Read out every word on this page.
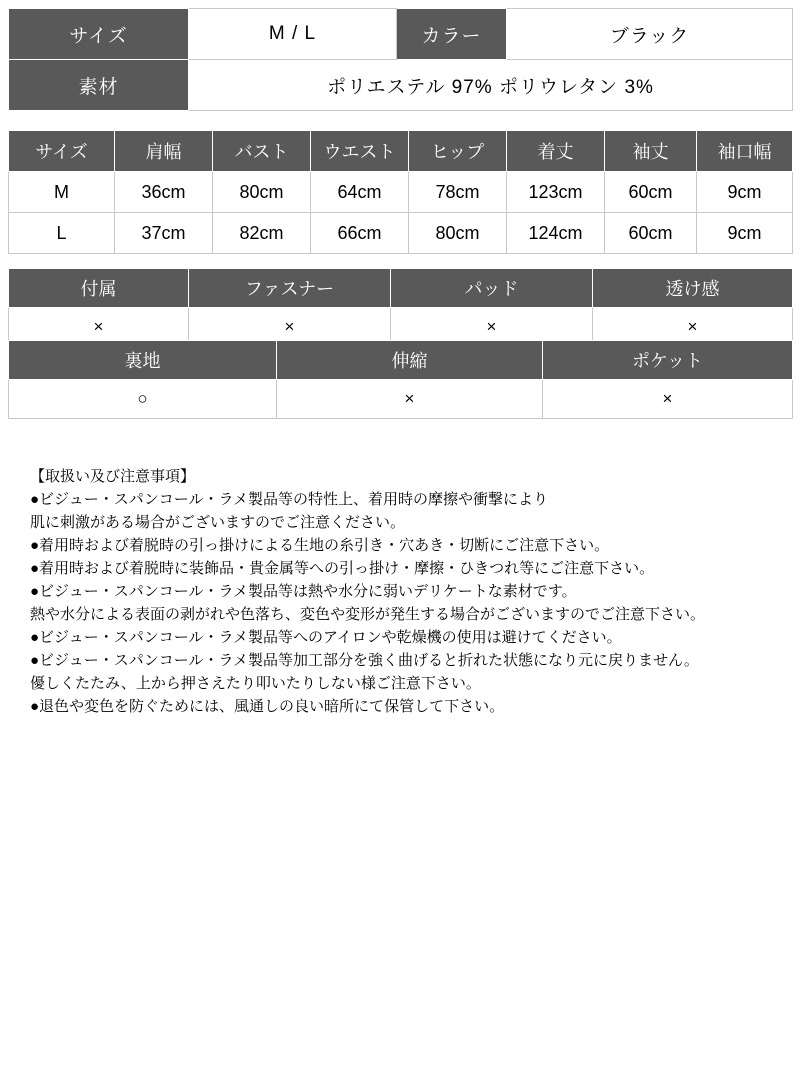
サイズ	M / L	カラー	ブラック
素材	ポリエステル 97% ポリウレタン 3%		
サイズ	肩幅	バスト	ウエスト	ヒップ	着丈	袖丈	袖口幅
M	36cm	80cm	64cm	78cm	123cm	60cm	9cm
L	37cm	82cm	66cm	80cm	124cm	60cm	9cm
付属	ファスナー	パッド	透け感
×	×	×	×
裏地	伸縮	ポケット
○	×	×
【取扱い及び注意事項】
●ビジュー・スパンコール・ラメ製品等の特性上、着用時の摩擦や衝撃により
肌に刺激がある場合がございますのでご注意ください。
●着用時および着脱時の引っ掛けによる生地の糸引き・穴あき・切断にご注意下さい。
●着用時および着脱時に装飾品・貴金属等への引っ掛け・摩擦・ひきつれ等にご注意下さい。
●ビジュー・スパンコール・ラメ製品等は熱や水分に弱いデリケートな素材です。
熱や水分による表面の剥がれや色落ち、変色や変形が発生する場合がございますのでご注意下さい。
●ビジュー・スパンコール・ラメ製品等へのアイロンや乾燥機の使用は避けてください。
●ビジュー・スパンコール・ラメ製品等加工部分を強く曲げると折れた状態になり元に戻りません。
優しくたたみ、上から押さえたり叩いたりしない様ご注意下さい。
●退色や変色を防ぐためには、風通しの良い暗所にて保管して下さい。
